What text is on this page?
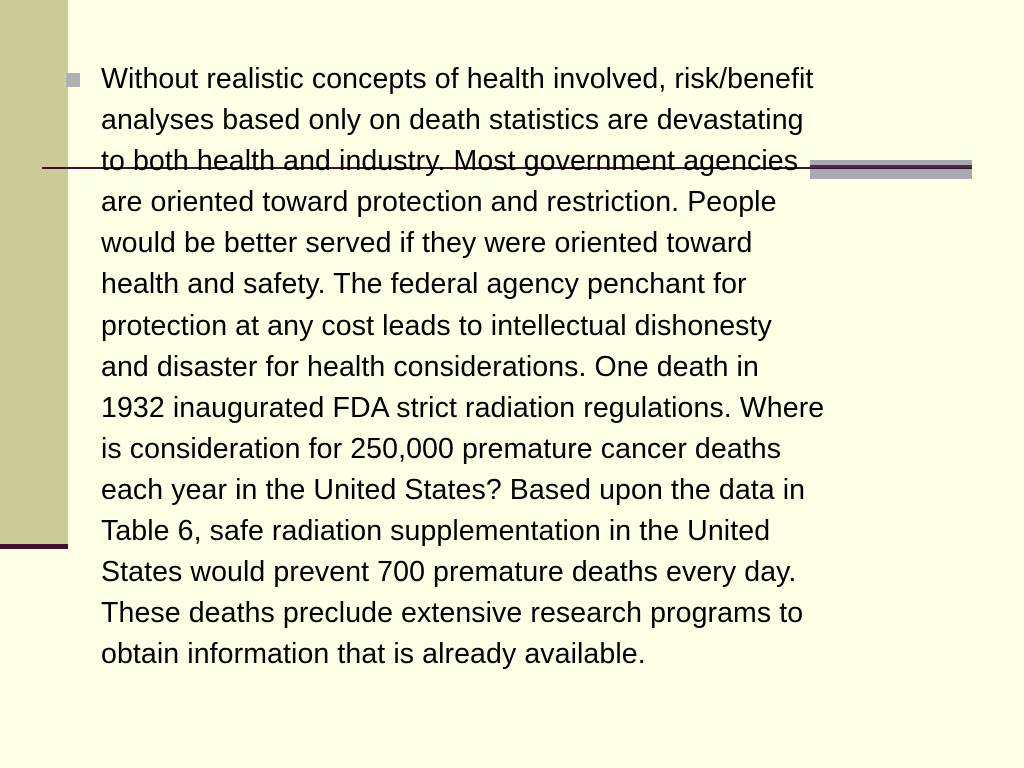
Without realistic concepts of health involved, risk/benefit
analyses based only on death statistics are devastating
to both health and industry. Most government agencies
are oriented toward protection and restriction. People
would be better served if they were oriented toward
health and safety. The federal agency penchant for
protection at any cost leads to intellectual dishonesty
and disaster for health considerations. One death in
1932 inaugurated FDA strict radiation regulations. Where
is consideration for 250,000 premature cancer deaths
each year in the United States? Based upon the data in
Table 6, safe radiation supplementation in the United
States would prevent 700 premature deaths every day.
These deaths preclude extensive research programs to
obtain information that is already available.
